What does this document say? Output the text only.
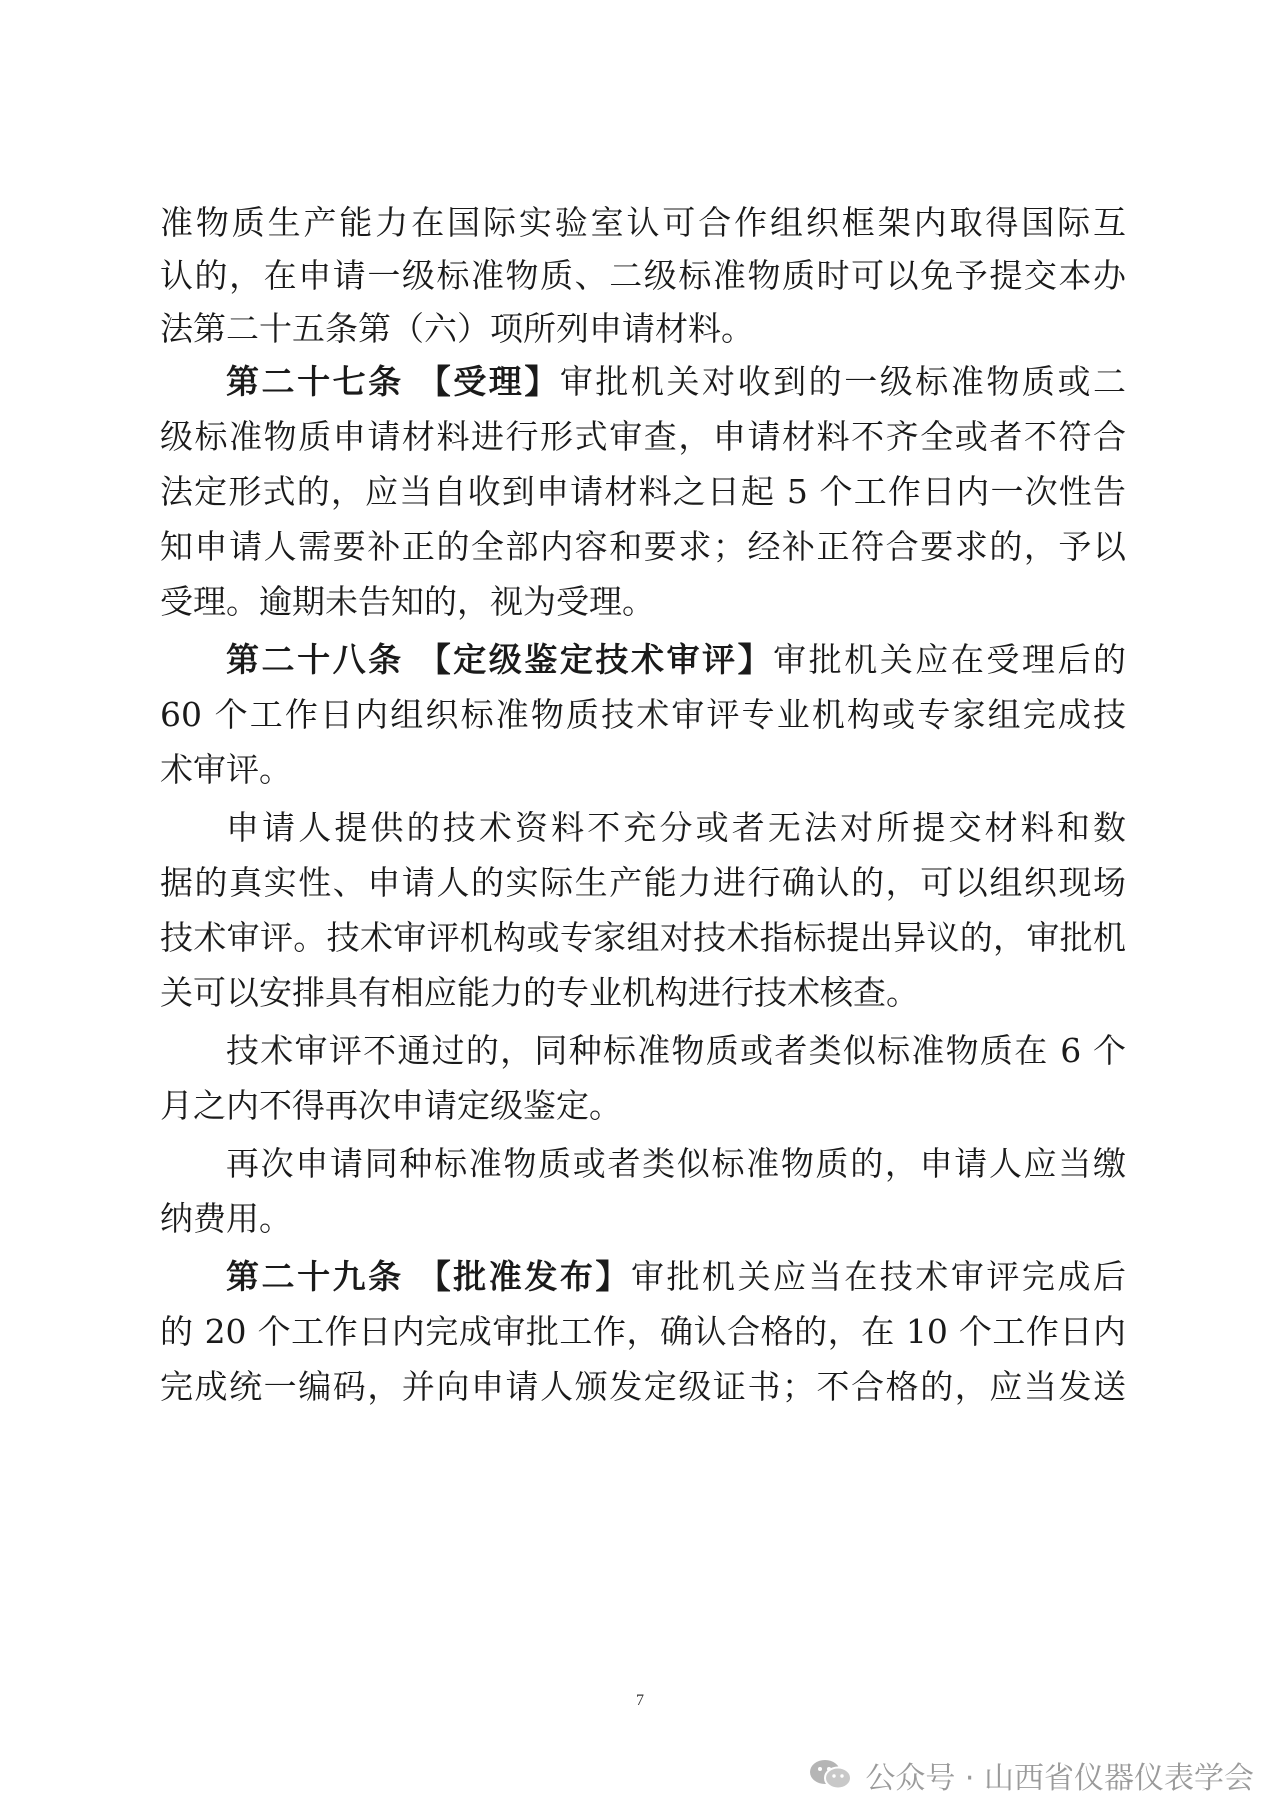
准物质生产能力在国际实验室认可合作组织框架内取得国际互
认的，在申请一级标准物质、二级标准物质时可以免予提交本办
法第二十五条第（六）项所列申请材料。
第二十七条 【受理】审批机关对收到的一级标准物质或二
级标准物质申请材料进行形式审查，申请材料不齐全或者不符合
法定形式的，应当自收到申请材料之日起 5 个工作日内一次性告
知申请人需要补正的全部内容和要求；经补正符合要求的，予以
受理。逾期未告知的，视为受理。
第二十八条 【定级鉴定技术审评】审批机关应在受理后的
60 个工作日内组织标准物质技术审评专业机构或专家组完成技
术审评。
申请人提供的技术资料不充分或者无法对所提交材料和数
据的真实性、申请人的实际生产能力进行确认的，可以组织现场
技术审评。技术审评机构或专家组对技术指标提出异议的，审批机
关可以安排具有相应能力的专业机构进行技术核查。
技术审评不通过的，同种标准物质或者类似标准物质在 6 个
月之内不得再次申请定级鉴定。
再次申请同种标准物质或者类似标准物质的，申请人应当缴
纳费用。
第二十九条 【批准发布】审批机关应当在技术审评完成后
的 20 个工作日内完成审批工作，确认合格的，在 10 个工作日内
完成统一编码，并向申请人颁发定级证书；不合格的，应当发送
7
公众号 · 山西省仪器仪表学会
